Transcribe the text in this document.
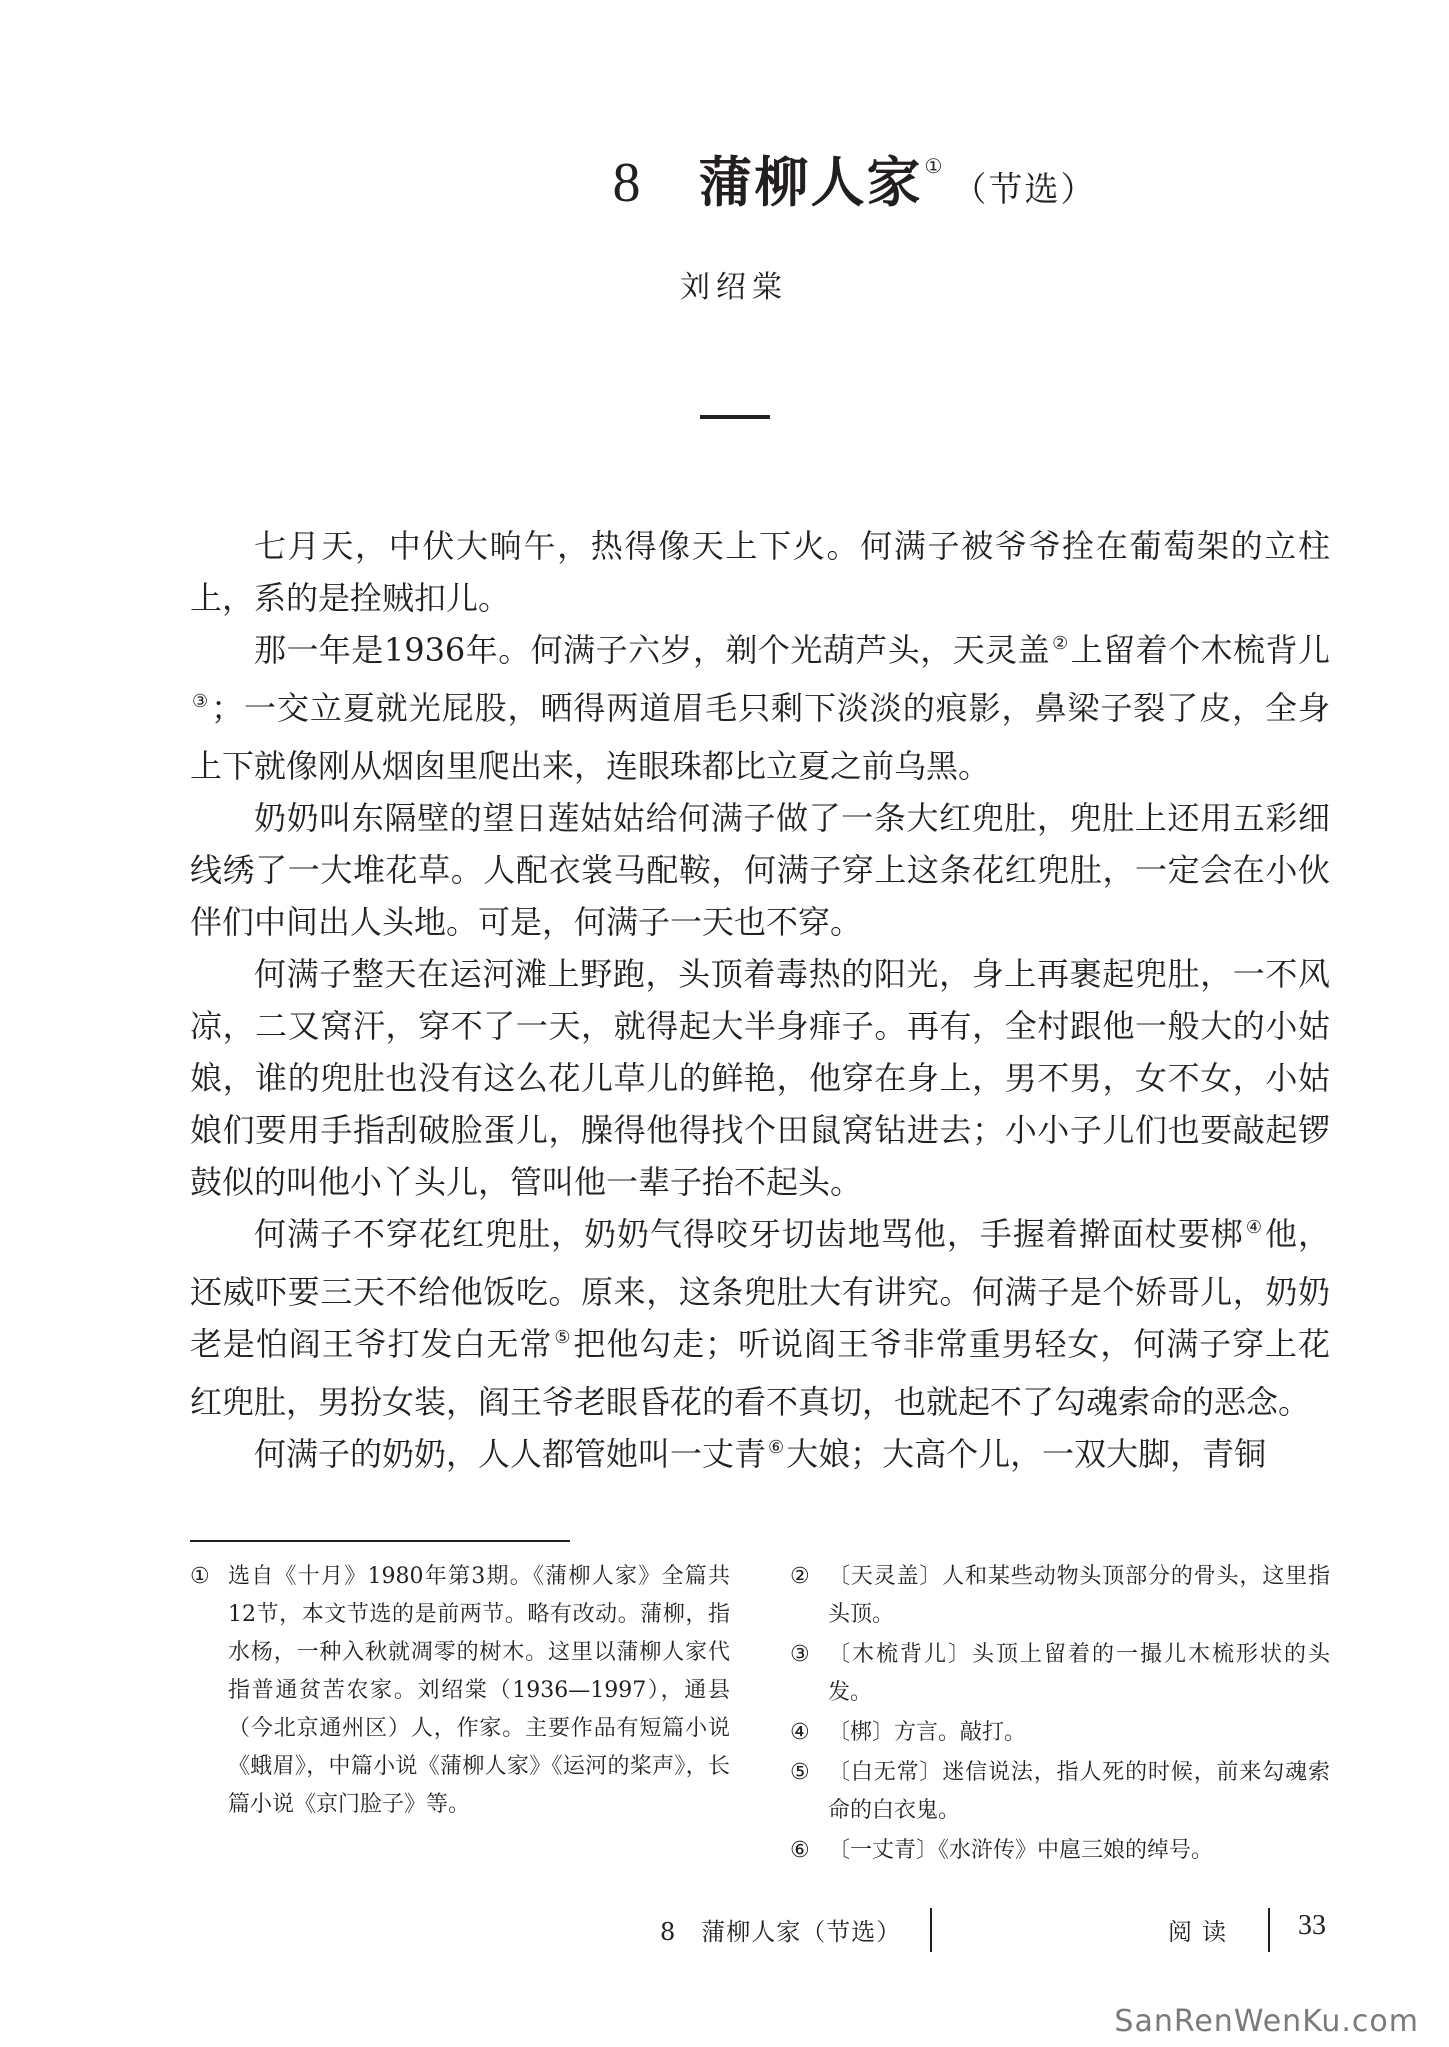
8 蒲柳人家 ①（节选）
刘绍棠

七月天，中伏大晌午，热得像天上下火。何满子被爷爷拴在葡萄架的立柱上，系的是拴贼扣儿。

那一年是1936年。何满子六岁，剃个光葫芦头，天灵盖 ②上留着个木梳背儿③；一交立夏就光屁股，晒得两道眉毛只剩下淡淡的痕影，鼻梁子裂了皮，全身上下就像刚从烟囱里爬出来，连眼珠都比立夏之前乌黑。

奶奶叫东隔壁的望日莲姑姑给何满子做了一条大红兜肚，兜肚上还用五彩细线绣了一大堆花草。人配衣裳马配鞍，何满子穿上这条花红兜肚，一定会在小伙伴们中间出人头地。可是，何满子一天也不穿。

何满子整天在运河滩上野跑，头顶着毒热的阳光，身上再裹起兜肚，一不风凉，二又窝汗，穿不了一天，就得起大半身痱子。再有，全村跟他一般大的小姑娘，谁的兜肚也没有这么花儿草儿的鲜艳，他穿在身上，男不男，女不女，小姑娘们要用手指刮破脸蛋儿，臊得他得找个田鼠窝钻进去；小小子儿们也要敲起锣鼓似的叫他小丫头儿，管叫他一辈子抬不起头。

何满子不穿花红兜肚，奶奶气得咬牙切齿地骂他，手握着擀面杖要梆 ④他，还威吓要三天不给他饭吃。原来，这条兜肚大有讲究。何满子是个娇哥儿，奶奶老是怕阎王爷打发白无常 ⑤把他勾走；听说阎王爷非常重男轻女，何满子穿上花红兜肚，男扮女装，阎王爷老眼昏花的看不真切，也就起不了勾魂索命的恶念。

何满子的奶奶，人人都管她叫一丈青 ⑥大娘；大高个儿，一双大脚，青铜

① 选自《十月》1980年第3期。《蒲柳人家》全篇共12节，本文节选的是前两节。略有改动。蒲柳，指水杨，一种入秋就凋零的树木。这里以蒲柳人家代指普通贫苦农家。刘绍棠（1936—1997），通县（今北京通州区）人，作家。主要作品有短篇小说《蛾眉》，中篇小说《蒲柳人家》《运河的桨声》，长篇小说《京门脸子》等。
② 〔天灵盖〕人和某些动物头顶部分的骨头，这里指头顶。
③ 〔木梳背儿〕头顶上留着的一撮儿木梳形状的头发。
④ 〔梆〕方言。敲打。
⑤ 〔白无常〕迷信说法，指人死的时候，前来勾魂索命的白衣鬼。
⑥ 〔一丈青〕《水浒传》中扈三娘的绰号。
8　蒲柳人家（节选）	阅读 33
SanRenWenKu.com
